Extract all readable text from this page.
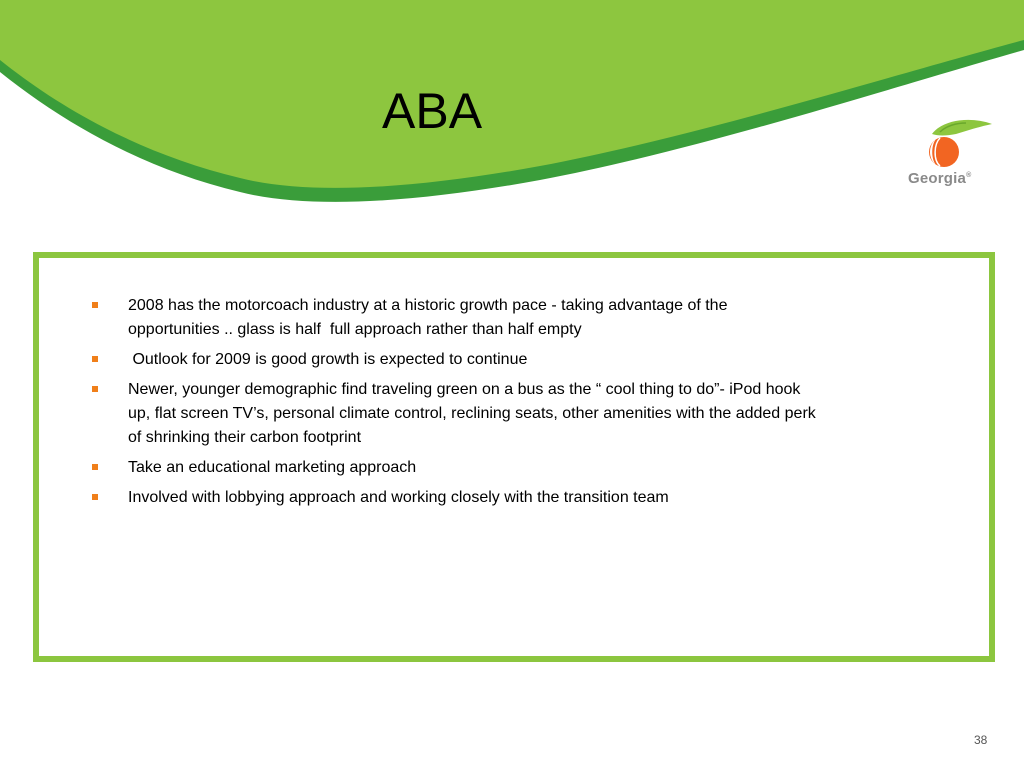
ABA
Georgia®
2008 has the motorcoach industry at a historic growth pace - taking advantage of the opportunities .. glass is half  full approach rather than half empty
Outlook for 2009 is good growth is expected to continue
Newer, younger demographic find traveling green on a bus as the “ cool thing to do”- iPod hook up, flat screen TV’s, personal climate control, reclining seats, other amenities with the added perk of shrinking their carbon footprint
Take an educational marketing approach
Involved with lobbying approach and working closely with the transition team
38
